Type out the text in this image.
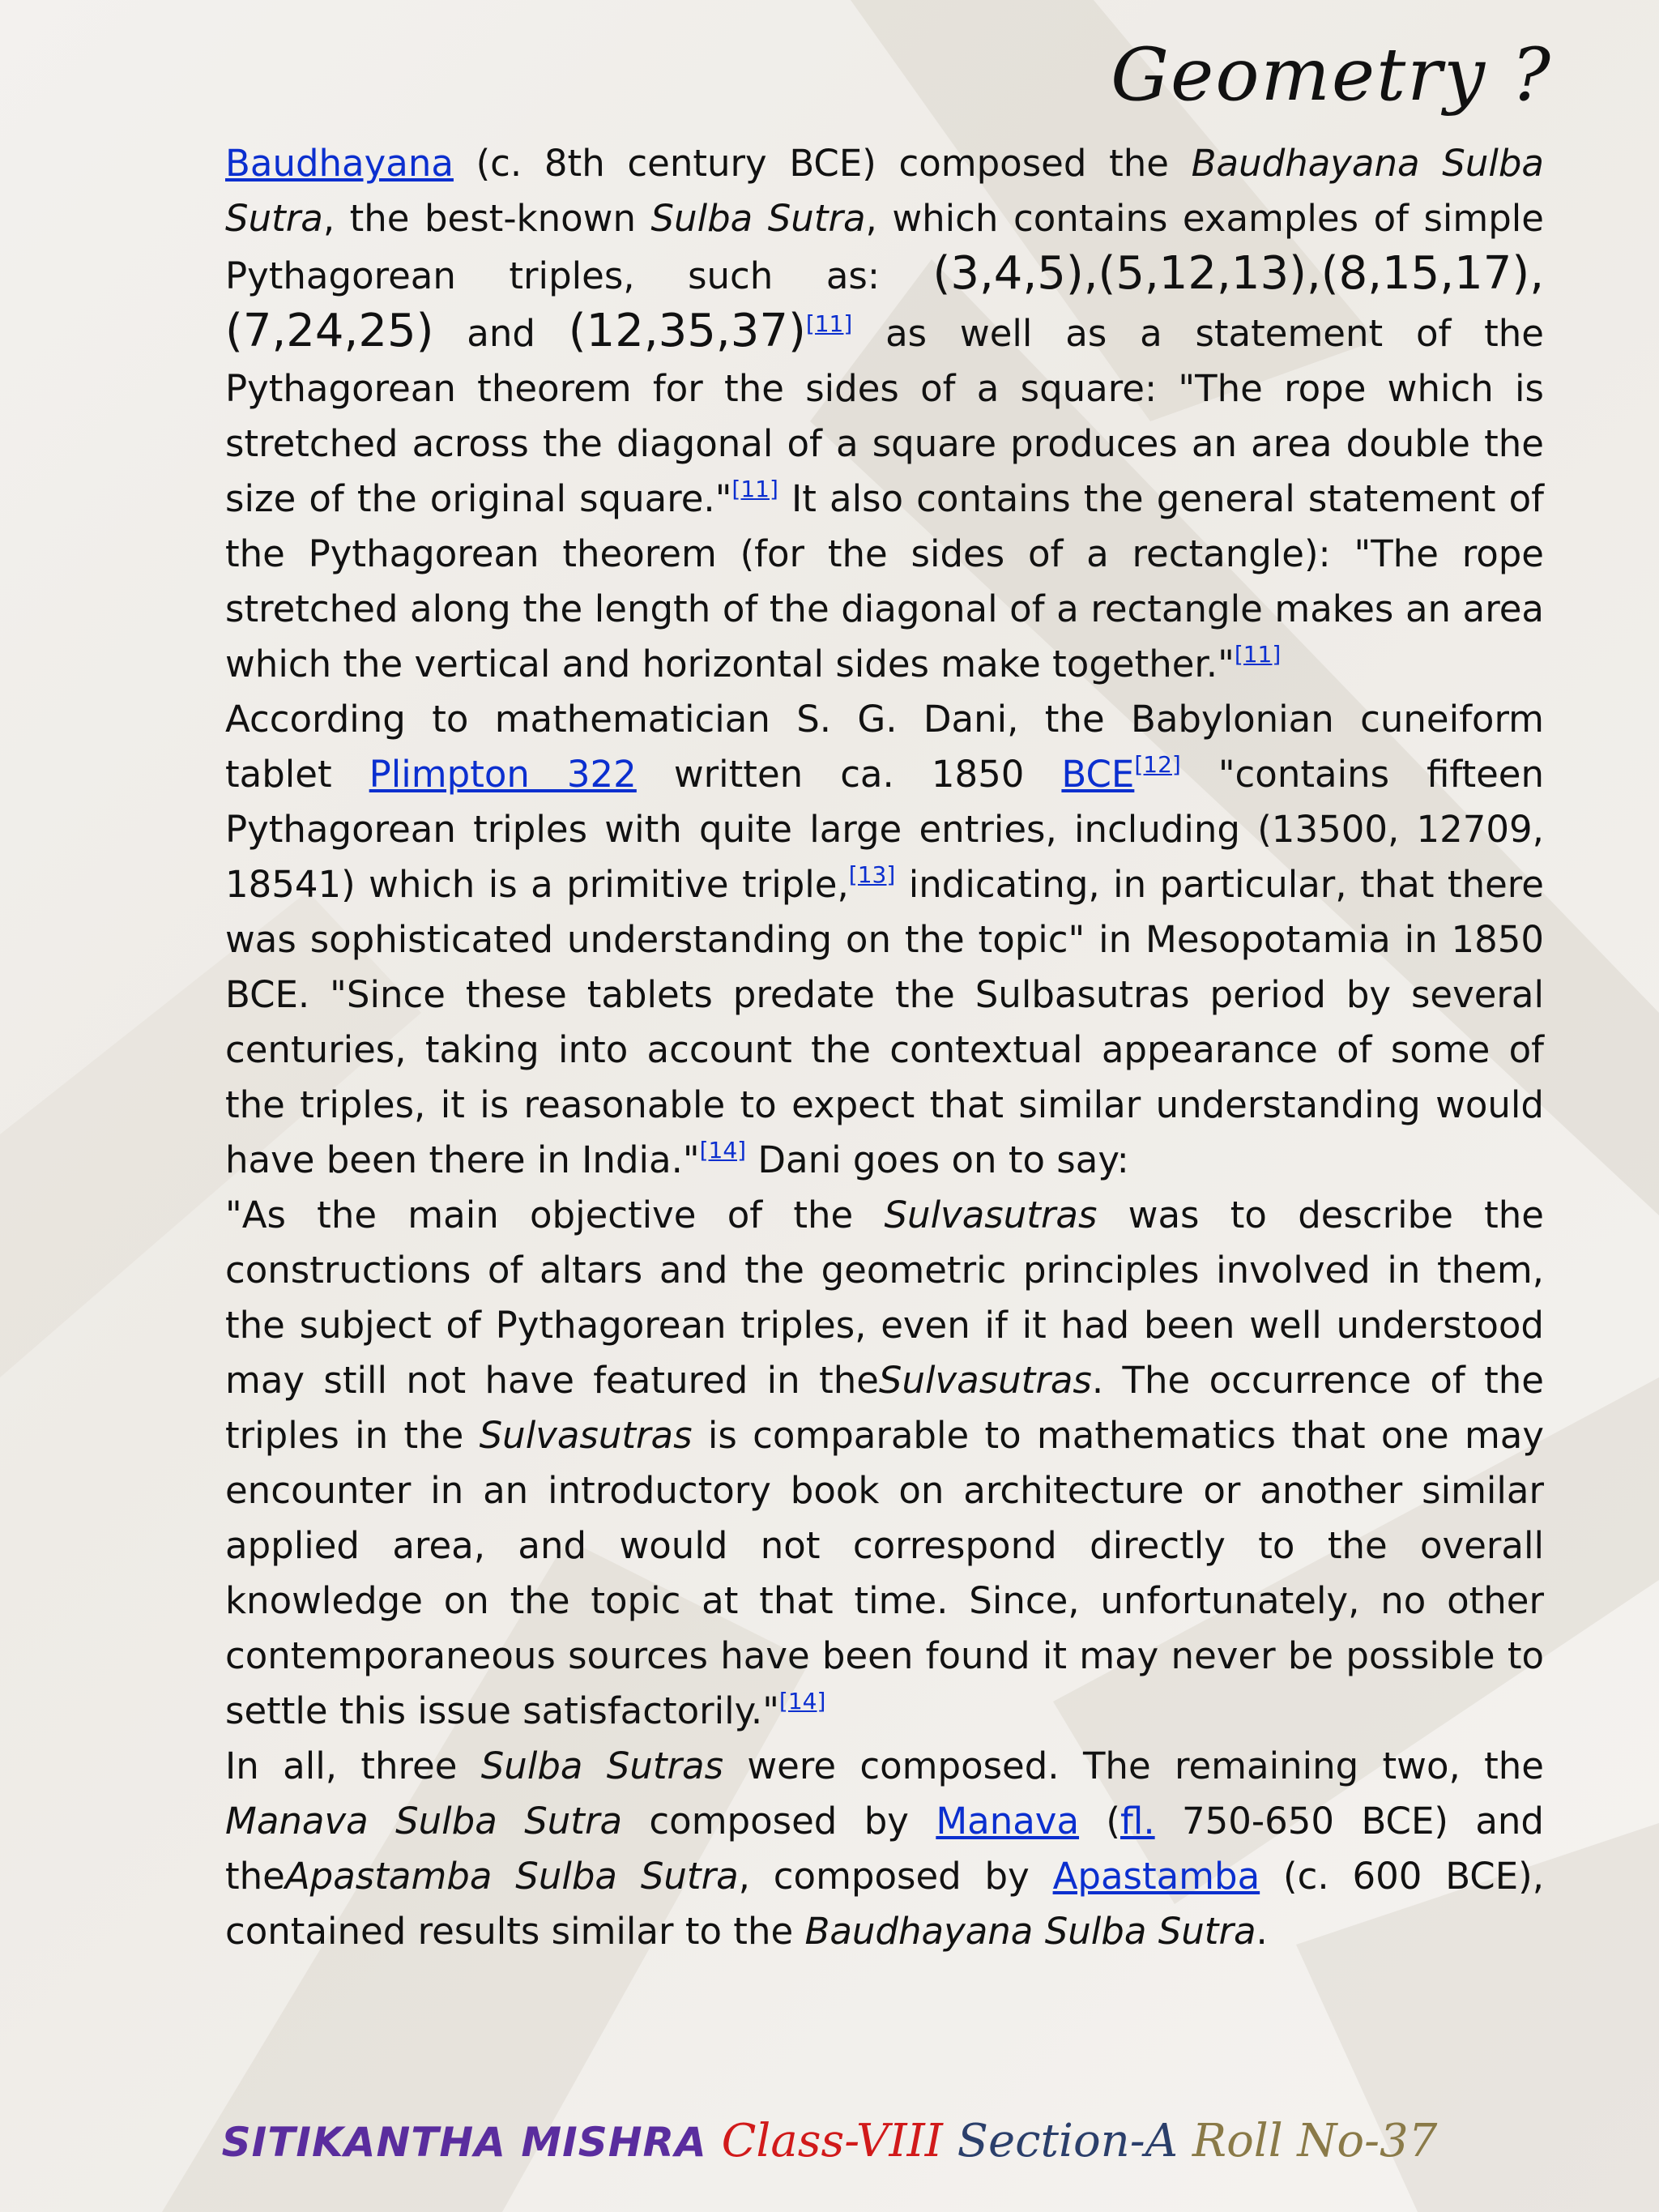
Geometry ?

Baudhayana (c. 8th century BCE) composed the Baudhayana Sulba Sutra, the best-known Sulba Sutra, which contains examples of simple Pythagorean triples, such as: (3,4,5),(5,12,13),(8,15,17),(7,24,25) and (12,35,37)[11] as well as a statement of the Pythagorean theorem for the sides of a square: "The rope which is stretched across the diagonal of a square produces an area double the size of the original square."[11] It also contains the general statement of the Pythagorean theorem (for the sides of a rectangle): "The rope stretched along the length of the diagonal of a rectangle makes an area which the vertical and horizontal sides make together."[11]

According to mathematician S. G. Dani, the Babylonian cuneiform tablet Plimpton 322 written ca. 1850 BCE[12] "contains fifteen Pythagorean triples with quite large entries, including (13500, 12709, 18541) which is a primitive triple,[13] indicating, in particular, that there was sophisticated understanding on the topic" in Mesopotamia in 1850 BCE. "Since these tablets predate the Sulbasutras period by several centuries, taking into account the contextual appearance of some of the triples, it is reasonable to expect that similar understanding would have been there in India."[14] Dani goes on to say:

"As the main objective of the Sulvasutras was to describe the constructions of altars and the geometric principles involved in them, the subject of Pythagorean triples, even if it had been well understood may still not have featured in theSulvasutras. The occurrence of the triples in the Sulvasutras is comparable to mathematics that one may encounter in an introductory book on architecture or another similar applied area, and would not correspond directly to the overall knowledge on the topic at that time. Since, unfortunately, no other contemporaneous sources have been found it may never be possible to settle this issue satisfactorily."[14]

In all, three Sulba Sutras were composed. The remaining two, the Manava Sulba Sutra composed by Manava (fl. 750-650 BCE) and theApastamba Sulba Sutra, composed by Apastamba (c. 600 BCE), contained results similar to the Baudhayana Sulba Sutra.

SITIKANTHA MISHRA Class-VIII Section-A Roll No-37
